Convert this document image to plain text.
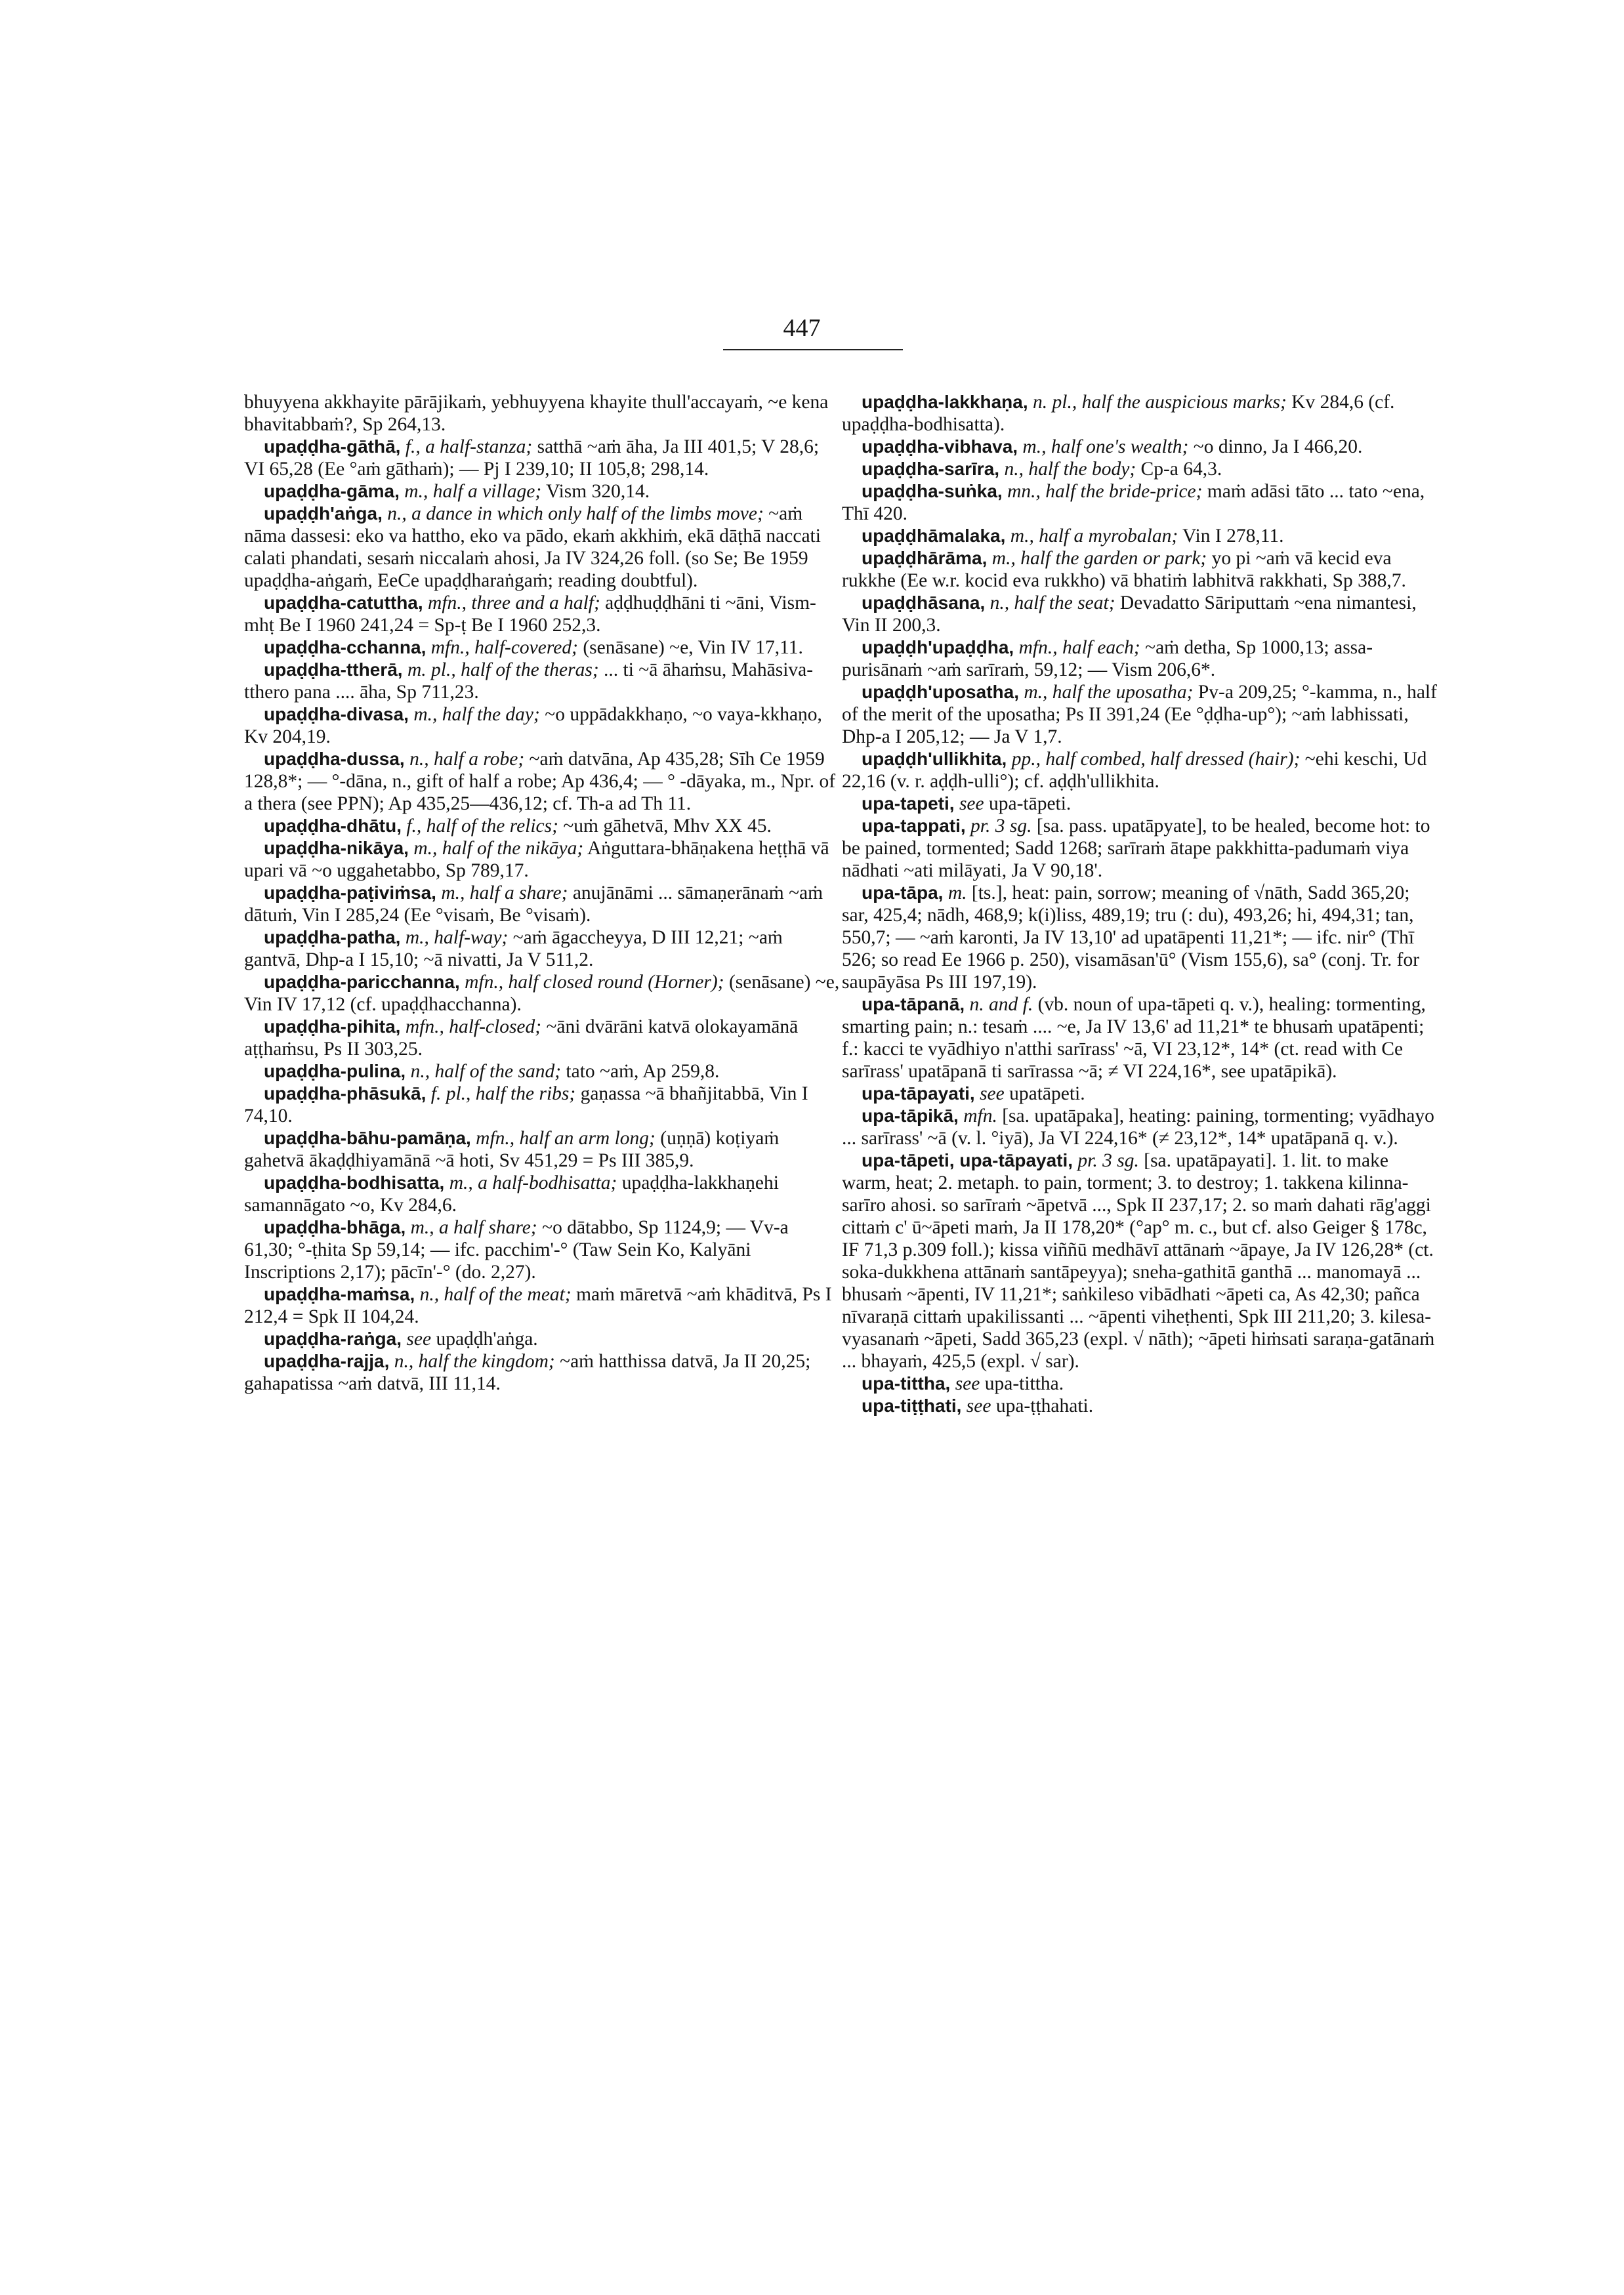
447

bhuyyena akkhayite pārājikaṁ, yebhuyyena khayite thull'accayaṁ, ~e kena bhavitabbaṁ?, Sp 264,13.

upaḍḍha-gāthā, f., a half-stanza; satthā ~aṁ āha, Ja III 401,5; V 28,6; VI 65,28 (Ee °aṁ gāthaṁ); — Pj I 239,10; II 105,8; 298,14.

upaḍḍha-gāma, m., half a village; Vism 320,14.

upaḍḍh'aṅga, n., a dance in which only half of the limbs move; ~aṁ nāma dassesi: eko va hattho, eko va pādo, ekaṁ akkhiṁ, ekā dāṭhā naccati calati phandati, sesaṁ niccalaṁ ahosi, Ja IV 324,26 foll. (so Se; Be 1959 upaḍḍha-aṅgaṁ, EeCe upaḍḍharaṅgaṁ; reading doubtful).

upaḍḍha-catuttha, mfn., three and a half; aḍḍhuḍḍhāni ti ~āni, Vism-mhṭ Be I 1960 241,24 = Sp-ṭ Be I 1960 252,3.

upaḍḍha-cchanna, mfn., half-covered; (senāsane) ~e, Vin IV 17,11.

upaḍḍha-ttherā, m. pl., half of the theras; ... ti ~ā āhaṁsu, Mahāsiva-tthero pana .... āha, Sp 711,23.

upaḍḍha-divasa, m., half the day; ~o uppādakkhaṇo, ~o vaya-kkhaṇo, Kv 204,19.

upaḍḍha-dussa, n., half a robe; ~aṁ datvāna, Ap 435,28; Sīh Ce 1959 128,8*; — °-dāna, n., gift of half a robe; Ap 436,4; — ° -dāyaka, m., Npr. of a thera (see PPN); Ap 435,25—436,12; cf. Th-a ad Th 11.

upaḍḍha-dhātu, f., half of the relics; ~uṁ gāhetvā, Mhv XX 45.

upaḍḍha-nikāya, m., half of the nikāya; Aṅguttara-bhāṇakena heṭṭhā vā upari vā ~o uggahetabbo, Sp 789,17.

upaḍḍha-paṭiviṁsa, m., half a share; anujānāmi ... sāmaṇerānaṁ ~aṁ dātuṁ, Vin I 285,24 (Ee °visaṁ, Be °visaṁ).

upaḍḍha-patha, m., half-way; ~aṁ āgaccheyya, D III 12,21; ~aṁ gantvā, Dhp-a I 15,10; ~ā nivatti, Ja V 511,2.

upaḍḍha-paricchanna, mfn., half closed round (Horner); (senāsane) ~e, Vin IV 17,12 (cf. upaḍḍhacchanna).

upaḍḍha-pihita, mfn., half-closed; ~āni dvārāni katvā olokayamānā aṭṭhaṁsu, Ps II 303,25.

upaḍḍha-pulina, n., half of the sand; tato ~aṁ, Ap 259,8.

upaḍḍha-phāsukā, f. pl., half the ribs; gaṇassa ~ā bhañjitabbā, Vin I 74,10.

upaḍḍha-bāhu-pamāṇa, mfn., half an arm long; (uṇṇā) koṭiyaṁ gahetvā ākaḍḍhiyamānā ~ā hoti, Sv 451,29 = Ps III 385,9.

upaḍḍha-bodhisatta, m., a half-bodhisatta; upaḍḍha-lakkhaṇehi samannāgato ~o, Kv 284,6.

upaḍḍha-bhāga, m., a half share; ~o dātabbo, Sp 1124,9; — Vv-a 61,30; °-ṭhita Sp 59,14; — ifc. pacchim'-° (Taw Sein Ko, Kalyāni Inscriptions 2,17); pācīn'-° (do. 2,27).

upaḍḍha-maṁsa, n., half of the meat; maṁ māretvā ~aṁ khāditvā, Ps I 212,4 = Spk II 104,24.

upaḍḍha-raṅga, see upaḍḍh'aṅga.

upaḍḍha-rajja, n., half the kingdom; ~aṁ hatthissa datvā, Ja II 20,25; gahapatissa ~aṁ datvā, III 11,14.

upaḍḍha-lakkhaṇa, n. pl., half the auspicious marks; Kv 284,6 (cf. upaḍḍha-bodhisatta).

upaḍḍha-vibhava, m., half one's wealth; ~o dinno, Ja I 466,20.

upaḍḍha-sarīra, n., half the body; Cp-a 64,3.

upaḍḍha-suṅka, mn., half the bride-price; maṁ adāsi tāto ... tato ~ena, Thī 420.

upaḍḍhāmalaka, m., half a myrobalan; Vin I 278,11.

upaḍḍhārāma, m., half the garden or park; yo pi ~aṁ vā kecid eva rukkhe (Ee w.r. kocid eva rukkho) vā bhatiṁ labhitvā rakkhati, Sp 388,7.

upaḍḍhāsana, n., half the seat; Devadatto Sāriputtaṁ ~ena nimantesi, Vin II 200,3.

upaḍḍh'upaḍḍha, mfn., half each; ~aṁ detha, Sp 1000,13; assa-purisānaṁ ~aṁ sarīraṁ, 59,12; — Vism 206,6*.

upaḍḍh'uposatha, m., half the uposatha; Pv-a 209,25; °-kamma, n., half of the merit of the uposatha; Ps II 391,24 (Ee °ḍḍha-up°); ~aṁ labhissati, Dhp-a I 205,12; — Ja V 1,7.

upaḍḍh'ullikhita, pp., half combed, half dressed (hair); ~ehi keschi, Ud 22,16 (v. r. aḍḍh-ulli°); cf. aḍḍh'ullikhita.

upa-tapeti, see upa-tāpeti.

upa-tappati, pr. 3 sg. [sa. pass. upatāpyate], to be healed, become hot: to be pained, tormented; Sadd 1268; sarīraṁ ātape pakkhitta-padumaṁ viya nādhati ~ati milāyati, Ja V 90,18'.

upa-tāpa, m. [ts.], heat: pain, sorrow; meaning of √nāth, Sadd 365,20; sar, 425,4; nādh, 468,9; k(i)liss, 489,19; tru (: du), 493,26; hi, 494,31; tan, 550,7; — ~aṁ karonti, Ja IV 13,10' ad upatāpenti 11,21*; — ifc. nir° (Thī 526; so read Ee 1966 p. 250), visamāsan'ū° (Vism 155,6), sa° (conj. Tr. for saupāyāsa Ps III 197,19).

upa-tāpanā, n. and f. (vb. noun of upa-tāpeti q. v.), healing: tormenting, smarting pain; n.: tesaṁ .... ~e, Ja IV 13,6' ad 11,21* te bhusaṁ upatāpenti; f.: kacci te vyādhiyo n'atthi sarīrass' ~ā, VI 23,12*, 14* (ct. read with Ce sarīrass' upatāpanā ti sarīrassa ~ā; ≠ VI 224,16*, see upatāpikā).

upa-tāpayati, see upatāpeti.

upa-tāpikā, mfn. [sa. upatāpaka], heating: paining, tormenting; vyādhayo ... sarīrass' ~ā (v. l. °iyā), Ja VI 224,16* (≠ 23,12*, 14* upatāpanā q. v.).

upa-tāpeti, upa-tāpayati, pr. 3 sg. [sa. upatāpayati]. 1. lit. to make warm, heat; 2. metaph. to pain, torment; 3. to destroy; 1. takkena kilinna-sarīro ahosi. so sarīraṁ ~āpetvā ..., Spk II 237,17; 2. so maṁ dahati rāg'aggi cittaṁ c' ū~āpeti maṁ, Ja II 178,20* (°ap° m. c., but cf. also Geiger § 178c, IF 71,3 p.309 foll.); kissa viññū medhāvī attānaṁ ~āpaye, Ja IV 126,28* (ct. soka-dukkhena attānaṁ santāpeyya); sneha-gathitā ganthā ... manomayā ... bhusaṁ ~āpenti, IV 11,21*; saṅkileso vibādhati ~āpeti ca, As 42,30; pañca nīvaraṇā cittaṁ upakilissanti ... ~āpenti viheṭhenti, Spk III 211,20; 3. kilesa-vyasanaṁ ~āpeti, Sadd 365,23 (expl. √ nāth); ~āpeti hiṁsati saraṇa-gatānaṁ ... bhayaṁ, 425,5 (expl. √ sar).

upa-tittha, see upa-tittha.

upa-tiṭṭhati, see upa-ṭṭhahati.
